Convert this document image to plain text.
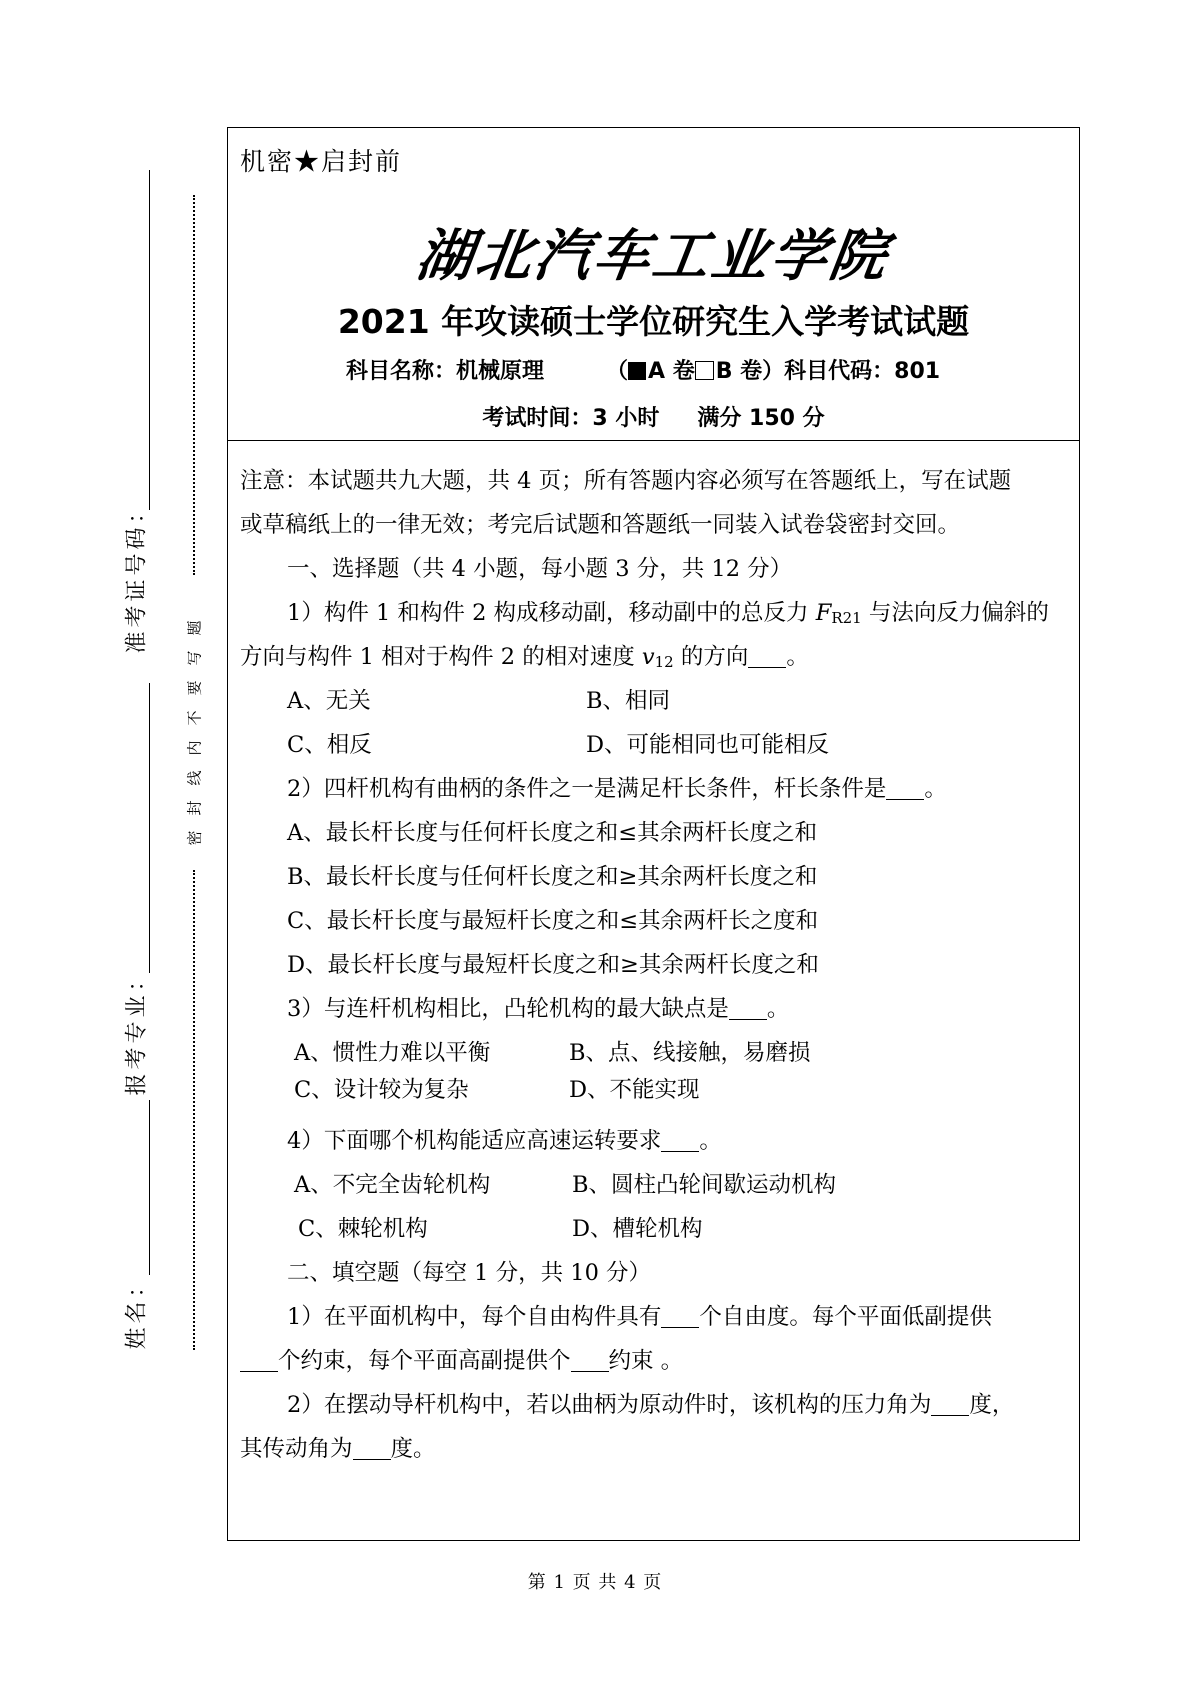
准考证号码：
报考专业：
姓名：
密封线内不要写题
机密★启封前
湖北汽车工业学院
2021 年攻读硕士学位研究生入学考试试题
科目名称：机械原理	（ A 卷 B 卷）科目代码：801
考试时间：3 小时 满分 150 分
注意：本试题共九大题，共 4 页；所有答题内容必须写在答题纸上，写在试题
或草稿纸上的一律无效；考完后试题和答题纸一同装入试卷袋密封交回。
一、选择题（共 4 小题，每小题 3 分，共 12 分）
1）构件 1 和构件 2 构成移动副，移动副中的总反力 $F_{R21}$ 与法向反力偏斜的
方向与构件 1 相对于构件 2 的相对速度 $v_{12}$ 的方向 。
A、无关	B、相同
C、相反	D、可能相同也可能相反
2）四杆机构有曲柄的条件之一是满足杆长条件，杆长条件是 。
A、最长杆长度与任何杆长度之和≤其余两杆长度之和
B、最长杆长度与任何杆长度之和≥其余两杆长度之和
C、最长杆长度与最短杆长度之和≤其余两杆长之度和
D、最长杆长度与最短杆长度之和≥其余两杆长度之和
3）与连杆机构相比，凸轮机构的最大缺点是 。
A、惯性力难以平衡	B、点、线接触，易磨损
C、设计较为复杂	D、不能实现
4）下面哪个机构能适应高速运转要求 。
A、不完全齿轮机构	B、圆柱凸轮间歇运动机构
C、棘轮机构	D、槽轮机构
二、填空题（每空 1 分，共 10 分）
1）在平面机构中，每个自由构件具有 个自由度。每个平面低副提供
个约束，每个平面高副提供个 约束 。
2）在摆动导杆机构中，若以曲柄为原动件时，该机构的压力角为 度，
其传动角为 度。
第 1 页 共 4 页
